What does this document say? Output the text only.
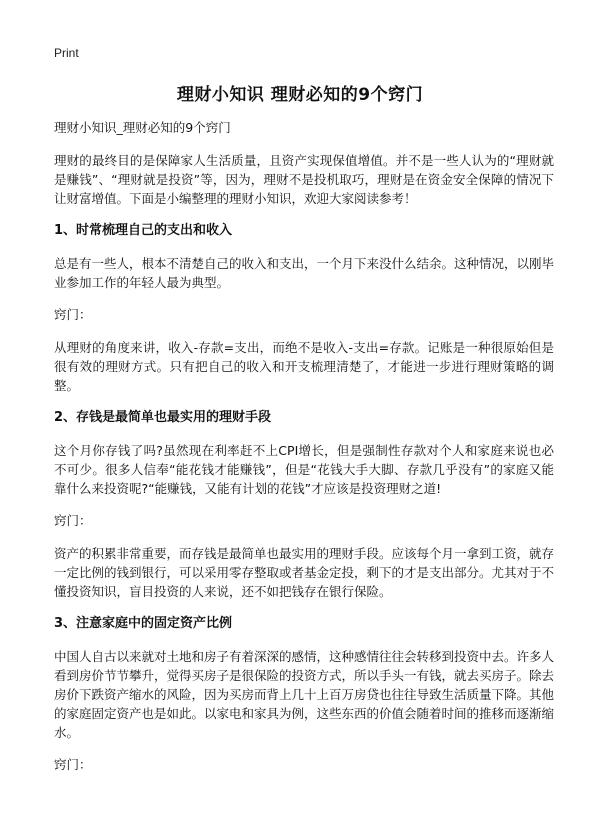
Print
理财小知识 理财必知的9个窍门

理财小知识_理财必知的9个窍门

理财的最终目的是保障家人生活质量，且资产实现保值增值。并不是一些人认为的“理财就是赚钱”、“理财就是投资”等，因为，理财不是投机取巧，理财是在资金安全保障的情况下让财富增值。下面是小编整理的理财小知识，欢迎大家阅读参考！

1、时常梳理自己的支出和收入

总是有一些人，根本不清楚自己的收入和支出，一个月下来没什么结余。这种情况，以刚毕业参加工作的年轻人最为典型。

窍门：

从理财的角度来讲，收入-存款=支出，而绝不是收入-支出=存款。记账是一种很原始但是很有效的理财方式。只有把自己的收入和开支梳理清楚了，才能进一步进行理财策略的调整。

2、存钱是最简单也最实用的理财手段

这个月你存钱了吗?虽然现在利率赶不上CPI增长，但是强制性存款对个人和家庭来说也必不可少。很多人信奉“能花钱才能赚钱”，但是“花钱大手大脚、存款几乎没有”的家庭又能靠什么来投资呢?“能赚钱，又能有计划的花钱”才应该是投资理财之道!

窍门：

资产的积累非常重要，而存钱是最简单也最实用的理财手段。应该每个月一拿到工资，就存一定比例的钱到银行，可以采用零存整取或者基金定投，剩下的才是支出部分。尤其对于不懂投资知识，盲目投资的人来说，还不如把钱存在银行保险。

3、注意家庭中的固定资产比例

中国人自古以来就对土地和房子有着深深的感情，这种感情往往会转移到投资中去。许多人看到房价节节攀升，觉得买房子是很保险的投资方式，所以手头一有钱，就去买房子。除去房价下跌资产缩水的风险，因为买房而背上几十上百万房贷也往往导致生活质量下降。其他的家庭固定资产也是如此。以家电和家具为例，这些东西的价值会随着时间的推移而逐渐缩水。

窍门：
